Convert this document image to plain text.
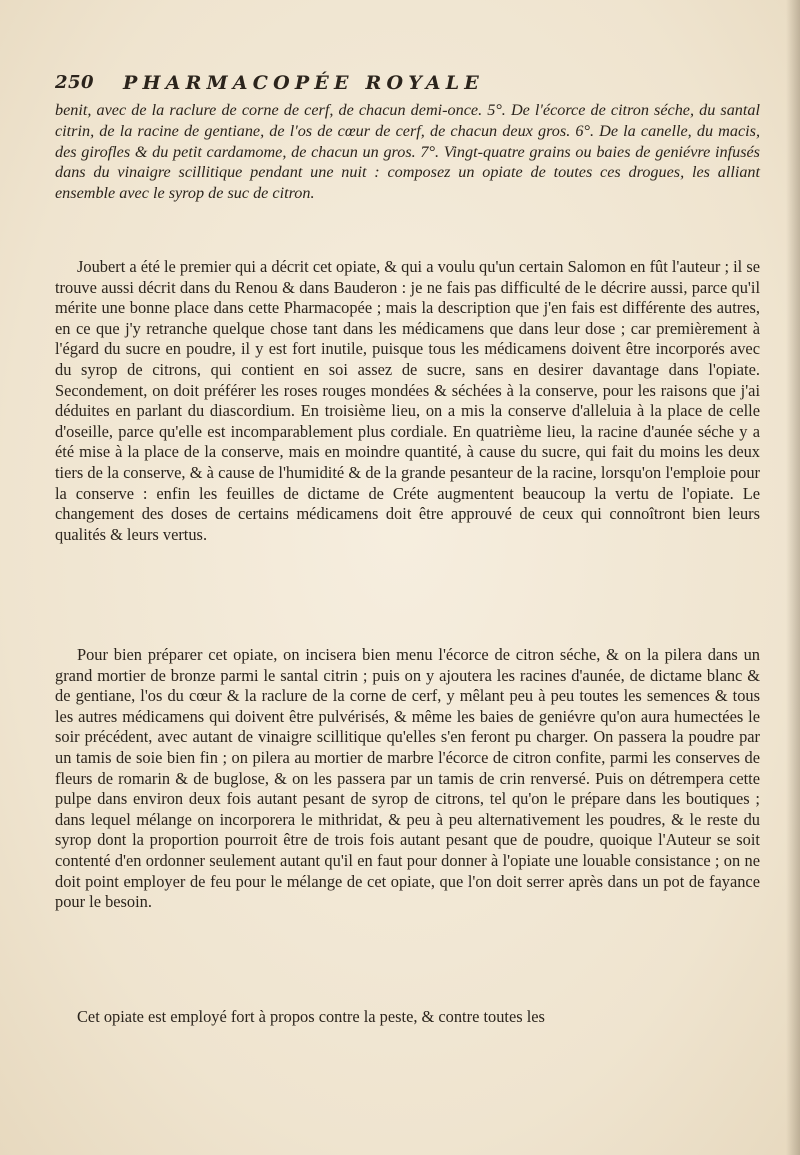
250 PHARMACOPÉE ROYALE

benit, avec de la raclure de corne de cerf, de chacun demi-once. 5°. De l'écorce de citron séche, du santal citrin, de la racine de gentiane, de l'os de cœur de cerf, de chacun deux gros. 6°. De la canelle, du macis, des girofles & du petit cardamome, de chacun un gros. 7°. Vingt-quatre grains ou baies de geniévre infusés dans du vinaigre scillitique pendant une nuit : composez un opiate de toutes ces drogues, les alliant ensemble avec le syrop de suc de citron.

Joubert a été le premier qui a décrit cet opiate, & qui a voulu qu'un certain Salomon en fût l'auteur ; il se trouve aussi décrit dans du Renou & dans Bauderon : je ne fais pas difficulté de le décrire aussi, parce qu'il mérite une bonne place dans cette Pharmacopée ; mais la description que j'en fais est différente des autres, en ce que j'y retranche quelque chose tant dans les médicamens que dans leur dose ; car premièrement à l'égard du sucre en poudre, il y est fort inutile, puisque tous les médicamens doivent être incorporés avec du syrop de citrons, qui contient en soi assez de sucre, sans en desirer davantage dans l'opiate. Secondement, on doit préférer les roses rouges mondées & séchées à la conserve, pour les raisons que j'ai déduites en parlant du diascordium. En troisième lieu, on a mis la conserve d'alleluia à la place de celle d'oseille, parce qu'elle est incomparablement plus cordiale. En quatrième lieu, la racine d'aunée séche y a été mise à la place de la conserve, mais en moindre quantité, à cause du sucre, qui fait du moins les deux tiers de la conserve, & à cause de l'humidité & de la grande pesanteur de la racine, lorsqu'on l'emploie pour la conserve : enfin les feuilles de dictame de Créte augmentent beaucoup la vertu de l'opiate. Le changement des doses de certains médicamens doit être approuvé de ceux qui connoîtront bien leurs qualités & leurs vertus.

Pour bien préparer cet opiate, on incisera bien menu l'écorce de citron séche, & on la pilera dans un grand mortier de bronze parmi le santal citrin ; puis on y ajoutera les racines d'aunée, de dictame blanc & de gentiane, l'os du cœur & la raclure de la corne de cerf, y mêlant peu à peu toutes les semences & tous les autres médicamens qui doivent être pulvérisés, & même les baies de geniévre qu'on aura humectées le soir précédent, avec autant de vinaigre scillitique qu'elles s'en feront pu charger. On passera la poudre par un tamis de soie bien fin ; on pilera au mortier de marbre l'écorce de citron confite, parmi les conserves de fleurs de romarin & de buglose, & on les passera par un tamis de crin renversé. Puis on détrempera cette pulpe dans environ deux fois autant pesant de syrop de citrons, tel qu'on le prépare dans les boutiques ; dans lequel mélange on incorporera le mithridat, & peu à peu alternativement les poudres, & le reste du syrop dont la proportion pourroit être de trois fois autant pesant que de poudre, quoique l'Auteur se soit contenté d'en ordonner seulement autant qu'il en faut pour donner à l'opiate une louable consistance ; on ne doit point employer de feu pour le mélange de cet opiate, que l'on doit serrer après dans un pot de fayance pour le besoin.

Cet opiate est employé fort à propos contre la peste, & contre toutes les
